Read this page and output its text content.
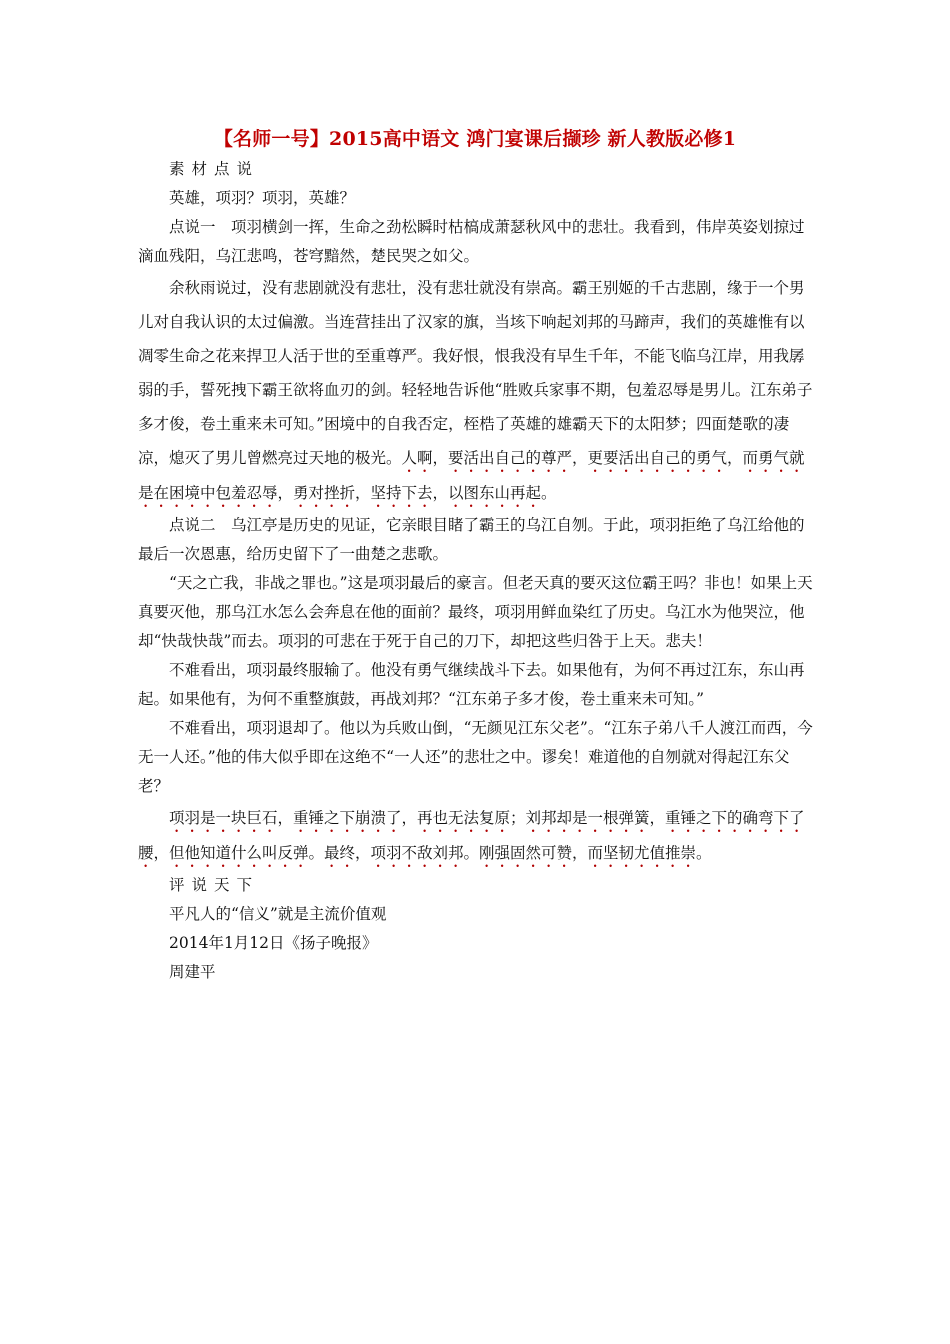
【名师一号】2015高中语文 鸿门宴课后撷珍 新人教版必修1

素材点说

英雄，项羽？项羽，英雄？

点说一　项羽横剑一挥，生命之劲松瞬时枯槁成萧瑟秋风中的悲壮。我看到，伟岸英姿划掠过滴血残阳，乌江悲鸣，苍穹黯然，楚民哭之如父。

余秋雨说过，没有悲剧就没有悲壮，没有悲壮就没有崇高。霸王别姬的千古悲剧，缘于一个男儿对自我认识的太过偏激。当连营挂出了汉家的旗，当垓下响起刘邦的马蹄声，我们的英雄惟有以凋零生命之花来捍卫人活于世的至重尊严。我好恨，恨我没有早生千年，不能飞临乌江岸，用我孱弱的手，誓死拽下霸王欲将血刃的剑。轻轻地告诉他“胜败兵家事不期，包羞忍辱是男儿。江东弟子多才俊，卷土重来未可知。”困境中的自我否定，桎梏了英雄的雄霸天下的太阳梦；四面楚歌的凄凉，熄灭了男儿曾燃亮过天地的极光。人啊，要活出自己的尊严，更要活出自己的勇气，而勇气就是在困境中包羞忍辱，勇对挫折，坚持下去，以图东山再起。

点说二　乌江亭是历史的见证，它亲眼目睹了霸王的乌江自刎。于此，项羽拒绝了乌江给他的最后一次恩惠，给历史留下了一曲楚之悲歌。

“天之亡我，非战之罪也。”这是项羽最后的豪言。但老天真的要灭这位霸王吗？非也！如果上天真要灭他，那乌江水怎么会奔息在他的面前？最终，项羽用鲜血染红了历史。乌江水为他哭泣，他却“快哉快哉”而去。项羽的可悲在于死于自己的刀下，却把这些归咎于上天。悲夫！

不难看出，项羽最终服输了。他没有勇气继续战斗下去。如果他有，为何不再过江东，东山再起。如果他有，为何不重整旗鼓，再战刘邦？“江东弟子多才俊，卷土重来未可知。”

不难看出，项羽退却了。他以为兵败山倒，“无颜见江东父老”。“江东子弟八千人渡江而西，今无一人还。”他的伟大似乎即在这绝不“一人还”的悲壮之中。谬矣！难道他的自刎就对得起江东父老？

项羽是一块巨石，重锤之下崩溃了，再也无法复原；刘邦却是一根弹簧，重锤之下的确弯下了腰，但他知道什么叫反弹。最终，项羽不敌刘邦。刚强固然可赞，而坚韧尤值推崇。

评说天下

平凡人的“信义”就是主流价值观

2014年1月12日《扬子晚报》

周建平
